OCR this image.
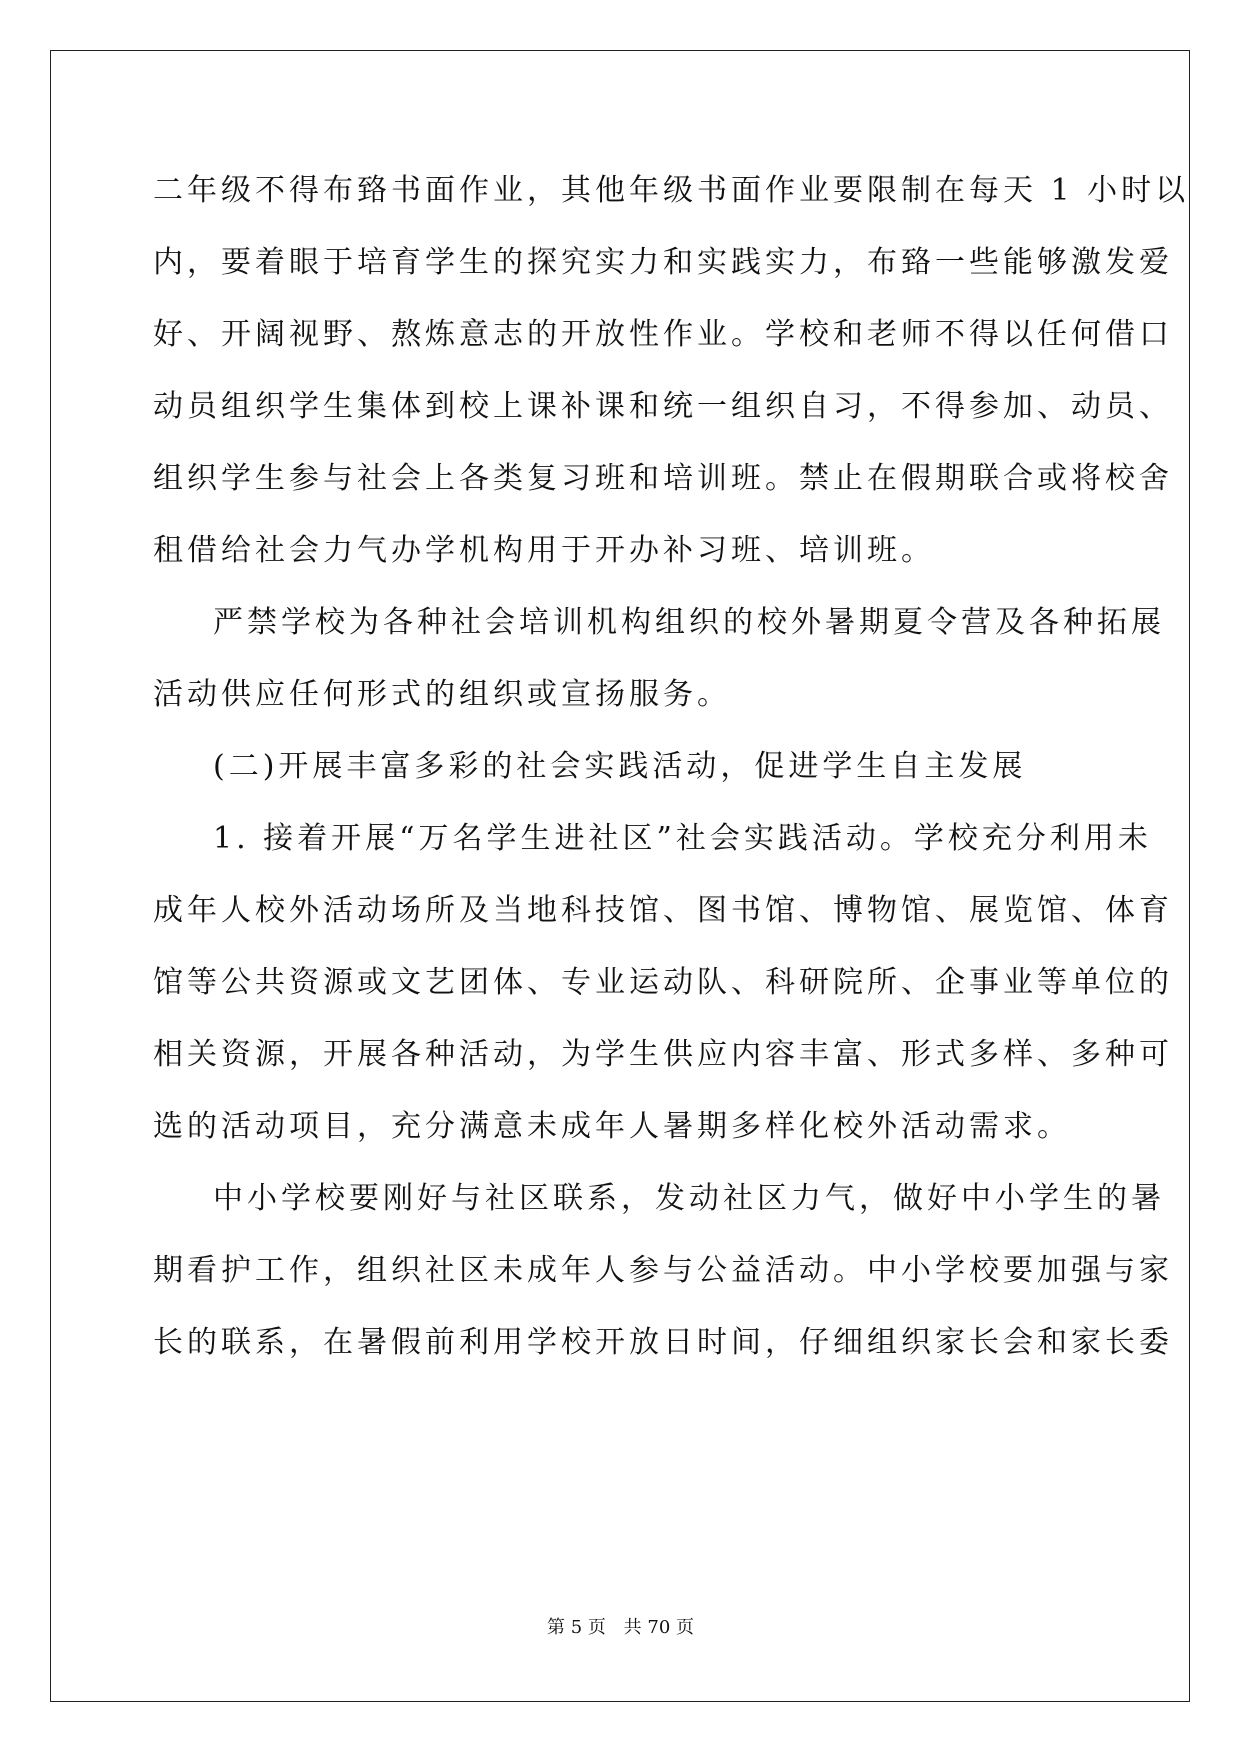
二年级不得布臵书面作业，其他年级书面作业要限制在每天 1 小时以
内，要着眼于培育学生的探究实力和实践实力，布臵一些能够激发爱
好、开阔视野、熬炼意志的开放性作业。学校和老师不得以任何借口
动员组织学生集体到校上课补课和统一组织自习，不得参加、动员、
组织学生参与社会上各类复习班和培训班。禁止在假期联合或将校舍
租借给社会力气办学机构用于开办补习班、培训班。
严禁学校为各种社会培训机构组织的校外暑期夏令营及各种拓展
活动供应任何形式的组织或宣扬服务。
(二)开展丰富多彩的社会实践活动，促进学生自主发展
1. 接着开展“万名学生进社区”社会实践活动。学校充分利用未
成年人校外活动场所及当地科技馆、图书馆、博物馆、展览馆、体育
馆等公共资源或文艺团体、专业运动队、科研院所、企事业等单位的
相关资源，开展各种活动，为学生供应内容丰富、形式多样、多种可
选的活动项目，充分满意未成年人暑期多样化校外活动需求。
中小学校要刚好与社区联系，发动社区力气，做好中小学生的暑
期看护工作，组织社区未成年人参与公益活动。中小学校要加强与家
长的联系，在暑假前利用学校开放日时间，仔细组织家长会和家长委
第 5 页 共 70 页
